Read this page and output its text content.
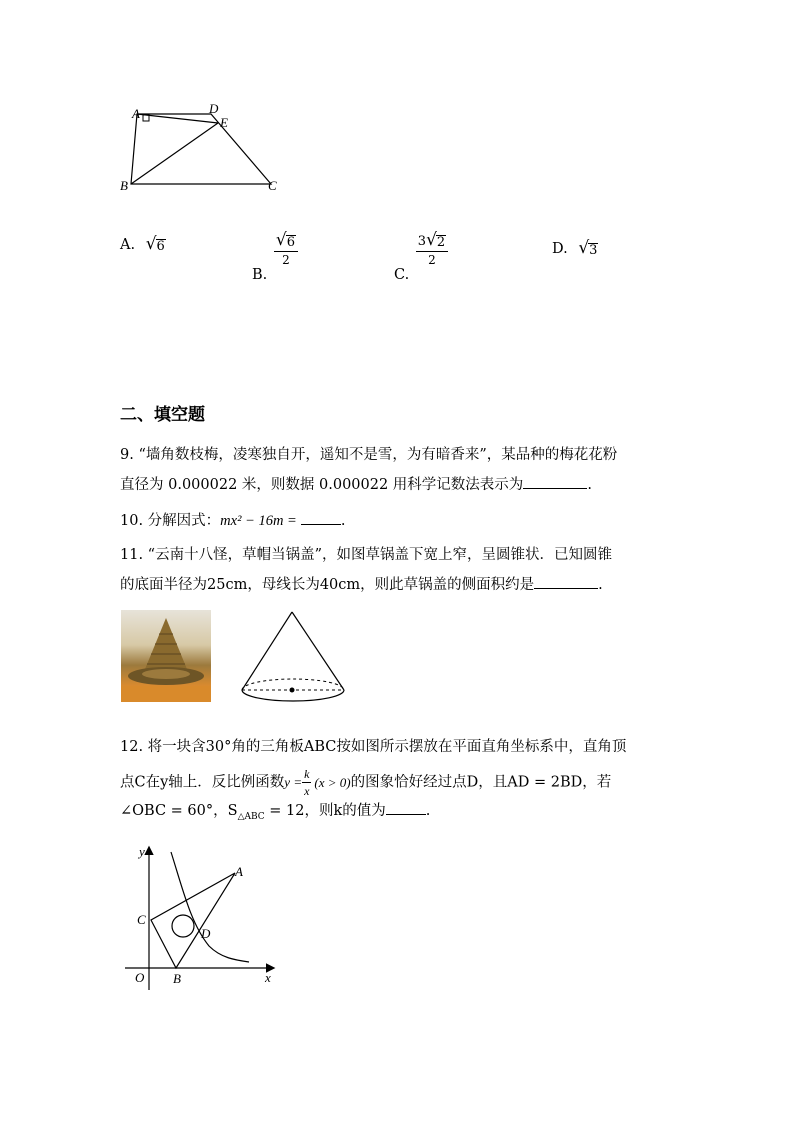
A	D
E
B	C
A. √ 6
B.
$\frac{√ 6}{2}$
C.
$\frac{3 √ 2}{2}$	D. √ 3
二、填空题
9. “墙角数枝梅，凌寒独自开，遥知不是雪，为有暗香来”，某品种的梅花花粉
直径为 0.000022 米，则数据 0.000022 用科学记数法表示为	.
10. 分解因式：mx² − 16m =	.
11. “云南十八怪，草帽当锅盖”，如图草锅盖下宽上窄，呈圆锥状．已知圆锥
的底面半径为25cm，母线长为40cm，则此草锅盖的侧面积约是	.
12. 将一块含30°角的三角板ABC按如图所示摆放在平面直角坐标系中，直角顶
点C在y轴上．反比例函数$y = \frac{k}{x} (x > 0)$的图象恰好经过点D，且AD = 2BD，若
∠OBC = 60°，$S_{\triangle ABC} = 12$，则k的值为	.
y
x
O B
C
D
A
